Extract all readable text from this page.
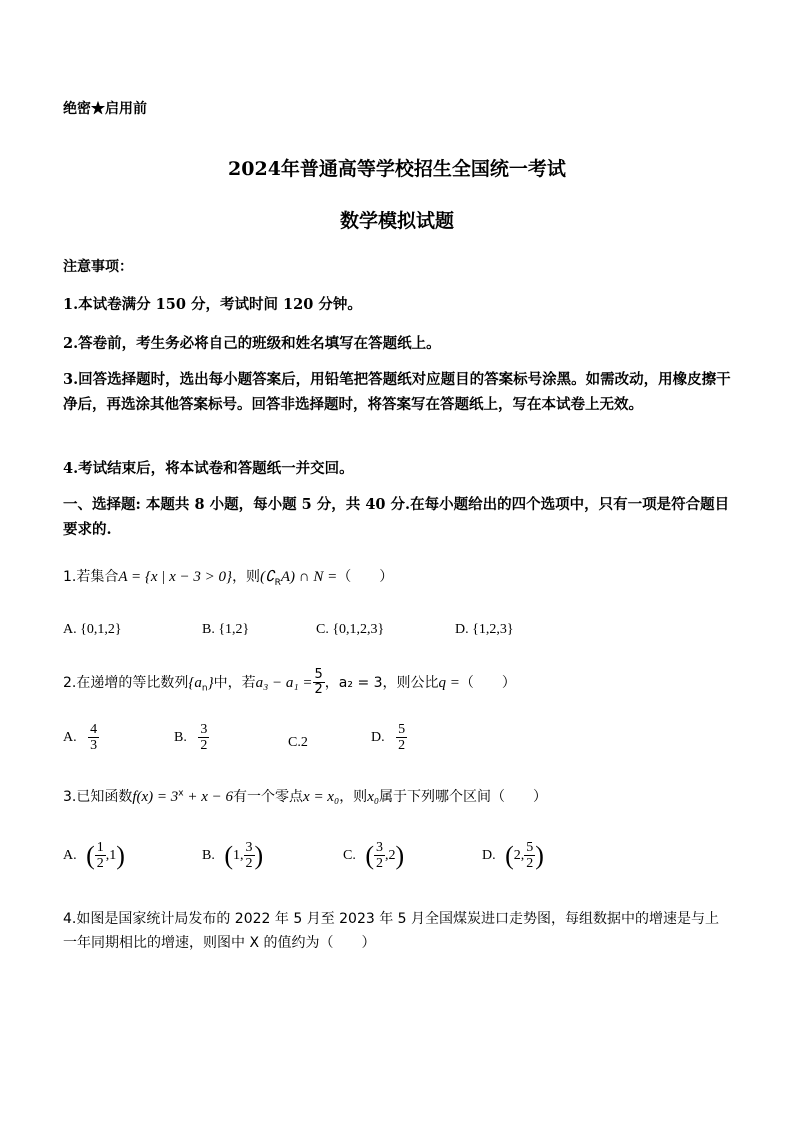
绝密★启用前
2024年普通高等学校招生全国统一考试
数学模拟试题
注意事项：
1.本试卷满分 150 分，考试时间 120 分钟。
2.答卷前，考生务必将自己的班级和姓名填写在答题纸上。
3.回答选择题时，选出每小题答案后，用铅笔把答题纸对应题目的答案标号涂黑。如需改动，用橡皮擦干净后，再选涂其他答案标号。回答非选择题时，将答案写在答题纸上，写在本试卷上无效。
4.考试结束后，将本试卷和答题纸一并交回。
一、选择题: 本题共 8 小题，每小题 5 分，共 40 分.在每小题给出的四个选项中，只有一项是符合题目要求的.
1.若集合A = {x | x − 3 > 0}，则$(∁_RA)$ ∩ N =（　　）
A. {0,1,2}	B. {1,2}	C. {0,1,2,3}	D. {1,2,3}
2.在递增的等比数列$\{a_n\}$中，若$a_3 - a_1 = \frac{5}{2}$ ，a₂ = 3，则公比q =（　　）
A. $\frac{4}{3}$	B. $\frac{3}{2}$	C.2	D. $\frac{5}{2}$
3.已知函数$f(x) = 3^x + x - 6$有一个零点x = x₀，则x₀属于下列哪个区间（　　）
A. ( $\frac{1}{2} ,1$)	B. (1, $\frac{3}{2}$ )	C. ( $\frac{3}{2} ,2$)	D. (2, $\frac{5}{2}$ )
4.如图是国家统计局发布的 2022 年 5 月至 2023 年 5 月全国煤炭进口走势图，每组数据中的增速是与上一年同期相比的增速，则图中 X 的值约为（　　）
